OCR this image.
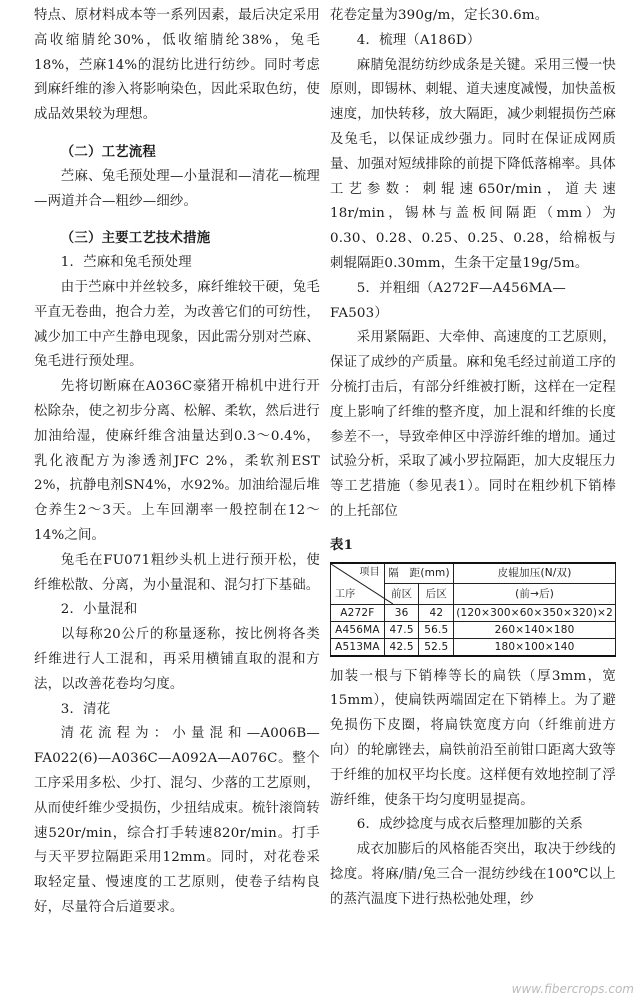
特点、原材料成本等一系列因素，最后决定采用高收缩腈纶30%，低收缩腈纶38%，兔毛18%，苎麻14%的混纺比进行纺纱。同时考虑到麻纤维的渗入将影响染色，因此采取色纺，使成品效果较为理想。

（二）工艺流程

苎麻、兔毛预处理—小量混和—清花—梳理—两道并合—粗纱—细纱。

（三）主要工艺技术措施

1．苎麻和兔毛预处理

由于苎麻中并丝较多，麻纤维较干硬，兔毛平直无卷曲，抱合力差，为改善它们的可纺性，减少加工中产生静电现象，因此需分别对苎麻、兔毛进行预处理。

先将切断麻在A036C豪猪开棉机中进行开松除杂，使之初步分离、松解、柔软，然后进行加油给湿，使麻纤维含油量达到0.3～0.4%，乳化液配方为渗透剂JFC 2%，柔软剂EST 2%，抗静电剂SN4%，水92%。加油给湿后堆仓养生2～3天。上车回潮率一般控制在12～14%之间。

兔毛在FU071粗纱头机上进行预开松，使纤维松散、分离，为小量混和、混匀打下基础。

2．小量混和

以每称20公斤的称量逐称，按比例将各类纤维进行人工混和，再采用横铺直取的混和方法，以改善花卷均匀度。

3．清花

清花流程为：小量混和—A006B—FA022(6)—A036C—A092A—A076C。整个工序采用多松、少打、混匀、少落的工艺原则，从而使纤维少受损伤，少扭结成束。梳针滚筒转速520r/min，综合打手转速820r/min。打手与天平罗拉隔距采用12mm。同时，对花卷采取轻定量、慢速度的工艺原则，使卷子结构良好，尽量符合后道要求。

花卷定量为390g/m，定长30.6m。

4．梳理（A186D）

麻腈兔混纺纺纱成条是关键。采用三慢一快原则，即锡林、刺辊、道夫速度减慢，加快盖板速度，加快转移，放大隔距，减少刺辊损伤苎麻及兔毛，以保证成纱强力。同时在保证成网质量、加强对短绒排除的前提下降低落棉率。具体工艺参数：刺辊速650r/min，道夫速18r/min，锡林与盖板间隔距（mm）为0.30、0.28、0.25、0.25、0.28，给棉板与刺辊隔距0.30mm，生条干定量19g/5m。

5．并粗细（A272F—A456MA—FA503）

采用紧隔距、大牵伸、高速度的工艺原则，保证了成纱的产质量。麻和兔毛经过前道工序的分梳打击后，有部分纤维被打断，这样在一定程度上影响了纤维的整齐度，加上混和纤维的长度参差不一，导致牵伸区中浮游纤维的增加。通过试验分析，采取了减小罗拉隔距，加大皮辊压力等工艺措施（参见表1）。同时在粗纱机下销棒的上托部位

表1

项目
工序	隔　距(mm)		皮辊加压(N/双)
	前区	后区	(前→后)
A272F	36	42	(120×300×60×350×320)×2
A456MA	47.5	56.5	260×140×180
A513MA	42.5	52.5	180×100×140

加装一根与下销棒等长的扁铁（厚3mm，宽15mm），使扁铁两端固定在下销棒上。为了避免损伤下皮圈，将扁铁宽度方向（纤维前进方向）的轮廓锉去，扁铁前沿至前钳口距离大致等于纤维的加权平均长度。这样便有效地控制了浮游纤维，使条干均匀度明显提高。

6．成纱捻度与成衣后整理加膨的关系

成衣加膨后的风格能否突出，取决于纱线的捻度。将麻/腈/兔三合一混纺纱线在100℃以上的蒸汽温度下进行热松弛处理，纱

www.fibercrops.com
